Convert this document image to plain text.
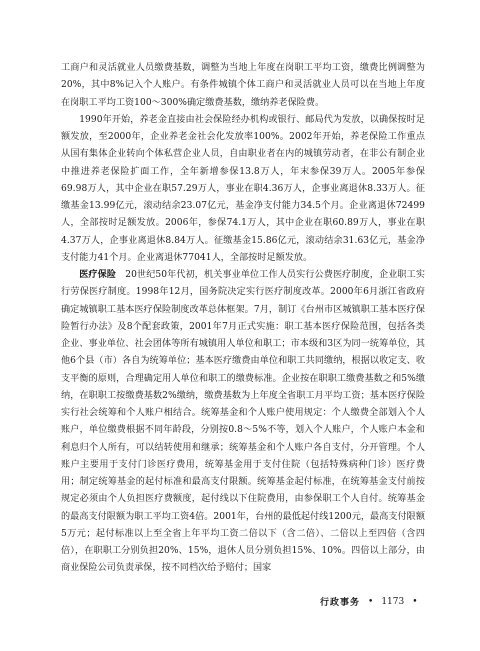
工商户和灵活就业人员缴费基数，调整为当地上年度在岗职工平均工资，缴费比例调整为20%，其中8%记入个人账户。有条件城镇个体工商户和灵活就业人员可以在当地上年度在岗职工平均工资100～300%确定缴费基数，缴纳养老保险费。

1990年开始，养老金直接由社会保险经办机构或银行、邮局代为发放，以确保按时足额发放，至2000年，企业养老金社会化发放率100%。2002年开始，养老保险工作重点从国有集体企业转向个体私营企业人员，自由职业者在内的城镇劳动者，在非公有制企业中推进养老保险扩面工作，全年新增参保13.8万人，年末参保39万人。2005年参保69.98万人，其中企业在职57.29万人，事业在职4.36万人，企事业离退休8.33万人。征缴基金13.99亿元，滚动结余23.07亿元，基金净支付能力34.5个月。企业离退休72499人，全部按时足额发放。2006年，参保74.1万人，其中企业在职60.89万人，事业在职4.37万人，企事业离退休8.84万人。征缴基金15.86亿元，滚动结余31.63亿元，基金净支付能力41个月。企业离退休77041人，全部按时足额发放。

医疗保险　20世纪50年代初，机关事业单位工作人员实行公费医疗制度，企业职工实行劳保医疗制度。1998年12月，国务院决定实行医疗制度改革。2000年6月浙江省政府确定城镇职工基本医疗保险制度改革总体框架。7月，制订《台州市区城镇职工基本医疗保险暂行办法》及8个配套政策，2001年7月正式实施：职工基本医疗保险范围，包括各类企业、事业单位、社会团体等所有城镇用人单位和职工；市本级和3区为同一统筹单位，其他6个县（市）各自为统筹单位；基本医疗缴费由单位和职工共同缴纳，根据以收定支、收支平衡的原则，合理确定用人单位和职工的缴费标准。企业按在职职工缴费基数之和5%缴纳，在职职工按缴费基数2%缴纳，缴费基数为上年度全省职工月平均工资；基本医疗保险实行社会统筹和个人账户相结合。统筹基金和个人账户使用规定：个人缴费全部划入个人账户，单位缴费根据不同年龄段，分别按0.8～5%不等，划入个人账户，个人账户本金和利息归个人所有，可以结转使用和继承；统筹基金和个人账户各自支付，分开管理。个人账户主要用于支付门诊医疗费用，统筹基金用于支付住院（包括特殊病种门诊）医疗费用；制定统筹基金的起付标准和最高支付限额。统筹基金起付标准，在统筹基金支付前按规定必须由个人负担医疗费额度，起付线以下住院费用，由参保职工个人自付。统筹基金的最高支付限额为职工平均工资4倍。2001年，台州的最低起付线1200元，最高支付限额5万元；起付标准以上至全省上年平均工资二倍以下（含二倍）、二倍以上至四倍（含四倍），在职职工分别负担20%、15%，退休人员分别负担15%、10%。四倍以上部分，由商业保险公司负责承保，按不同档次给予赔付；国家

行政事务 • 1173 •
